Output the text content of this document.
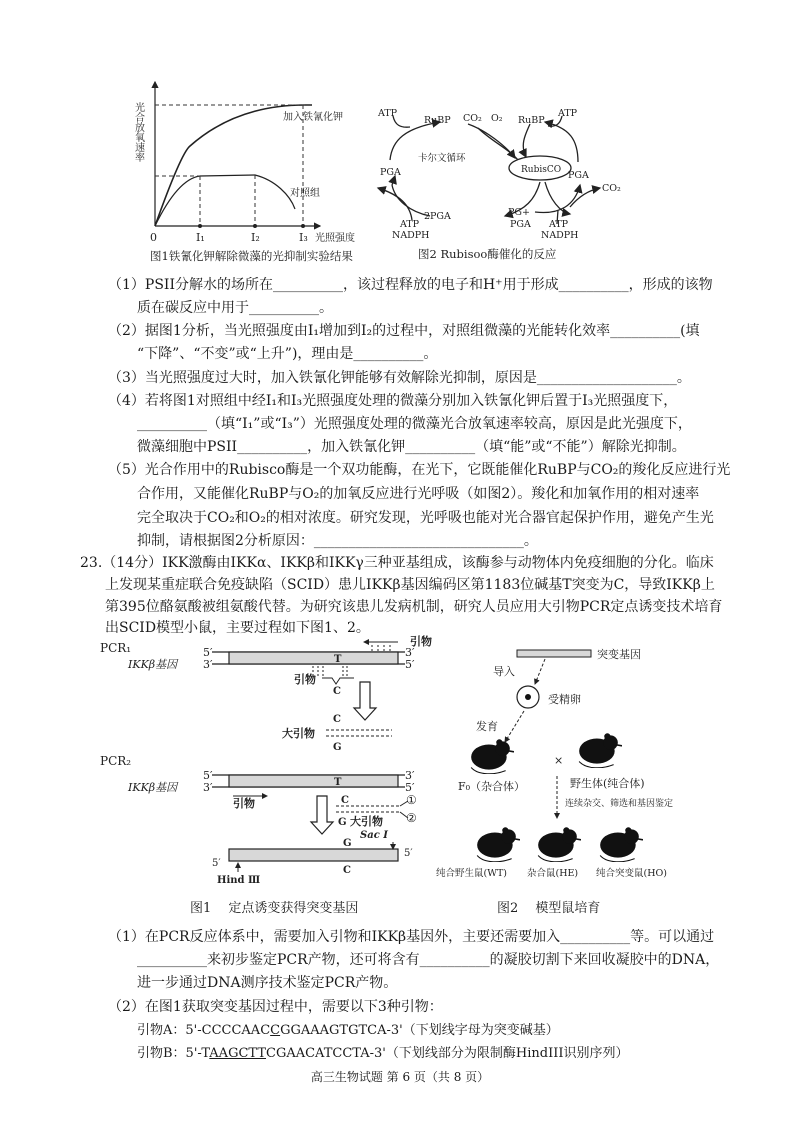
光合放氧速率
0	I₁	I₂	I₃ 光照强度
加入铁氰化钾
对照组
图1铁氰化钾解除微藻的光抑制实验结果
ATP
RuBP CO₂ O₂ RuBP
ATP
卡尔文循环
RubisCO
PGA	PGA
CO₂
2PGA
ATP
NADPH
PG+
PGA ATP
NADPH
图2 Rubisoo酶催化的反应
（1）PSII分解水的场所在__________，该过程释放的电子和H⁺用于形成__________，形成的该物
质在碳反应中用于__________。
（2）据图1分析，当光照强度由I₁增加到I₂的过程中，对照组微藻的光能转化效率__________(填
“下降”、“不变”或“上升”)，理由是__________。
（3）当光照强度过大时，加入铁氰化钾能够有效解除光抑制，原因是____________________。
（4）若将图1对照组中经I₁和I₃光照强度处理的微藻分别加入铁氰化钾后置于I₃光照强度下，
__________（填“I₁”或“I₃”）光照强度处理的微藻光合放氧速率较高，原因是此光强度下，
微藻细胞中PSII__________，加入铁氰化钾__________（填“能”或“不能”）解除光抑制。
（5）光合作用中的Rubisco酶是一个双功能酶，在光下，它既能催化RuBP与CO₂的羧化反应进行光
合作用，又能催化RuBP与O₂的加氧反应进行光呼吸（如图2）。羧化和加氧作用的相对速率
完全取决于CO₂和O₂的相对浓度。研究发现，光呼吸也能对光合器官起保护作用，避免产生光
抑制，请根据图2分析原因：______________________________。
23.（14分）IKK激酶由IKKα、IKKβ和IKKγ三种亚基组成，该酶参与动物体内免疫细胞的分化。临床
上发现某重症联合免疫缺陷（SCID）患儿IKKβ基因编码区第1183位碱基T突变为C，导致IKKβ上
第395位酪氨酸被组氨酸代替。为研究该患儿发病机制，研究人员应用大引物PCR定点诱变技术培育
出SCID模型小鼠，主要过程如下图1、2。
PCR₁
PCR₂
IKKβ基因
IKKβ基因
5′
3′
3′
5′
5′
3′
3′
5′
T
T
引物
引物
C
C
大引物
G
引物	C
G 大引物
①
②
Sac Ⅰ
G
C
5′
5′
Hind Ⅲ
图1　 定点诱变获得突变基因
突变基因
导入
受精卵
发育
×
F₀（杂合体）	野生体(纯合体)
连续杂交、筛选和基因鉴定
纯合野生鼠(WT) 杂合鼠(HE) 纯合突变鼠(HO)
图2　 模型鼠培育
（1）在PCR反应体系中，需要加入引物和IKKβ基因外，主要还需要加入__________等。可以通过
__________来初步鉴定PCR产物，还可将含有__________的凝胶切割下来回收凝胶中的DNA，
进一步通过DNA测序技术鉴定PCR产物。
（2）在图1获取突变基因过程中，需要以下3种引物：
引物A：5'-CCCCAACCGGAAAGTGTCA-3'（下划线字母为突变碱基）
引物B：5'-TAAGCTTCGAACATCCTA-3'（下划线部分为限制酶HindIII识别序列）
高三生物试题 第 6 页（共 8 页）
